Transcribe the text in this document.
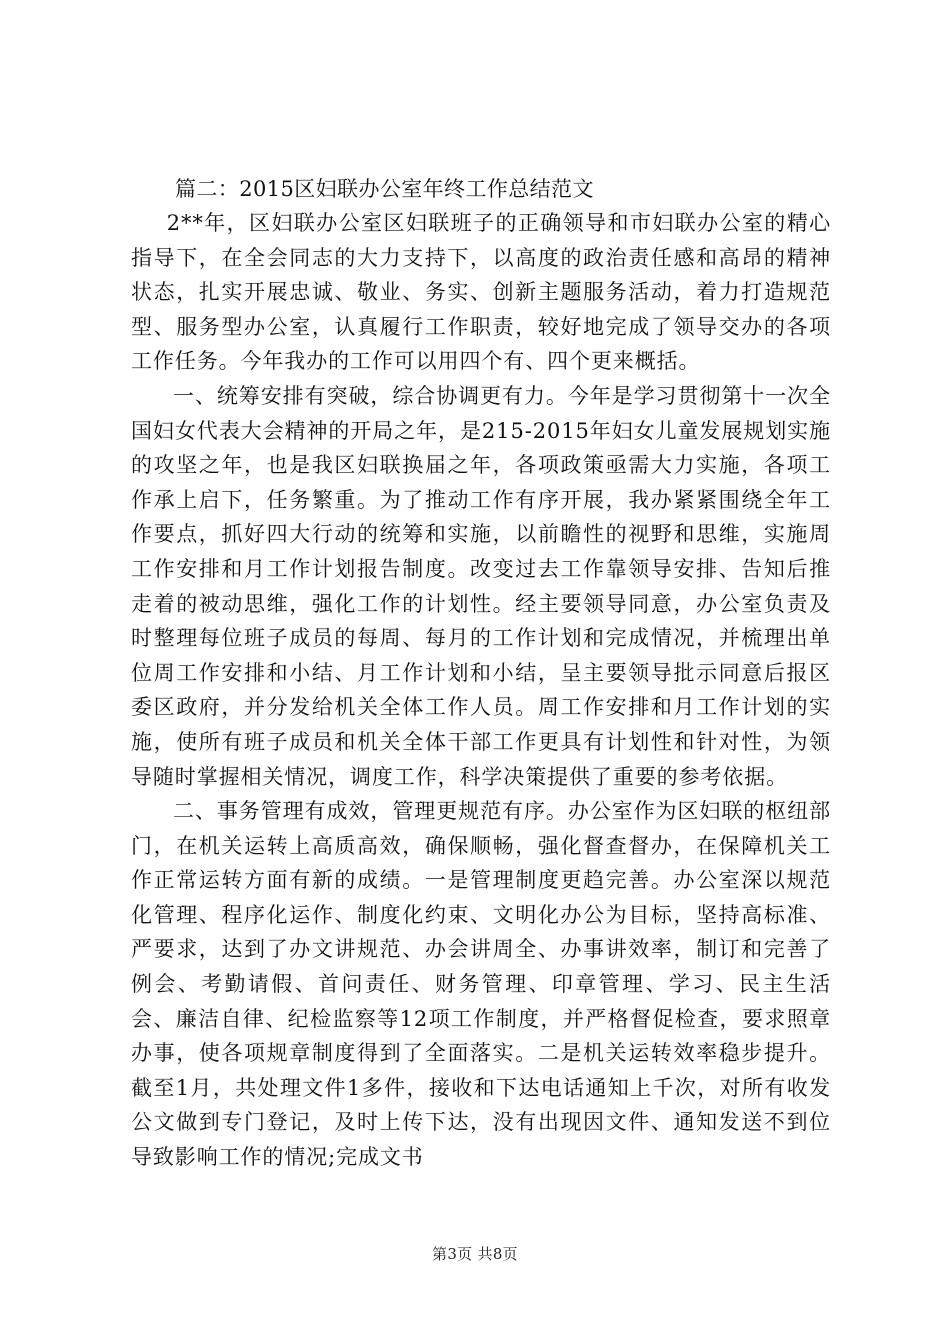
篇二：2015区妇联办公室年终工作总结范文

2**年，区妇联办公室区妇联班子的正确领导和市妇联办公室的精心指导下，在全会同志的大力支持下，以高度的政治责任感和高昂的精神状态，扎实开展忠诚、敬业、务实、创新主题服务活动，着力打造规范型、服务型办公室，认真履行工作职责，较好地完成了领导交办的各项工作任务。今年我办的工作可以用四个有、四个更来概括。

一、统筹安排有突破，综合协调更有力。今年是学习贯彻第十一次全国妇女代表大会精神的开局之年，是215-2015年妇女儿童发展规划实施的攻坚之年，也是我区妇联换届之年，各项政策亟需大力实施，各项工作承上启下，任务繁重。为了推动工作有序开展，我办紧紧围绕全年工作要点，抓好四大行动的统筹和实施，以前瞻性的视野和思维，实施周工作安排和月工作计划报告制度。改变过去工作靠领导安排、告知后推走着的被动思维，强化工作的计划性。经主要领导同意，办公室负责及时整理每位班子成员的每周、每月的工作计划和完成情况，并梳理出单位周工作安排和小结、月工作计划和小结，呈主要领导批示同意后报区委区政府，并分发给机关全体工作人员。周工作安排和月工作计划的实施，使所有班子成员和机关全体干部工作更具有计划性和针对性，为领导随时掌握相关情况，调度工作，科学决策提供了重要的参考依据。

二、事务管理有成效，管理更规范有序。办公室作为区妇联的枢纽部门，在机关运转上高质高效，确保顺畅，强化督查督办，在保障机关工作正常运转方面有新的成绩。一是管理制度更趋完善。办公室深以规范化管理、程序化运作、制度化约束、文明化办公为目标，坚持高标准、严要求，达到了办文讲规范、办会讲周全、办事讲效率，制订和完善了例会、考勤请假、首问责任、财务管理、印章管理、学习、民主生活会、廉洁自律、纪检监察等12项工作制度，并严格督促检查，要求照章办事，使各项规章制度得到了全面落实。二是机关运转效率稳步提升。截至1月，共处理文件1多件，接收和下达电话通知上千次，对所有收发公文做到专门登记，及时上传下达，没有出现因文件、通知发送不到位导致影响工作的情况;完成文书

第3页 共8页
